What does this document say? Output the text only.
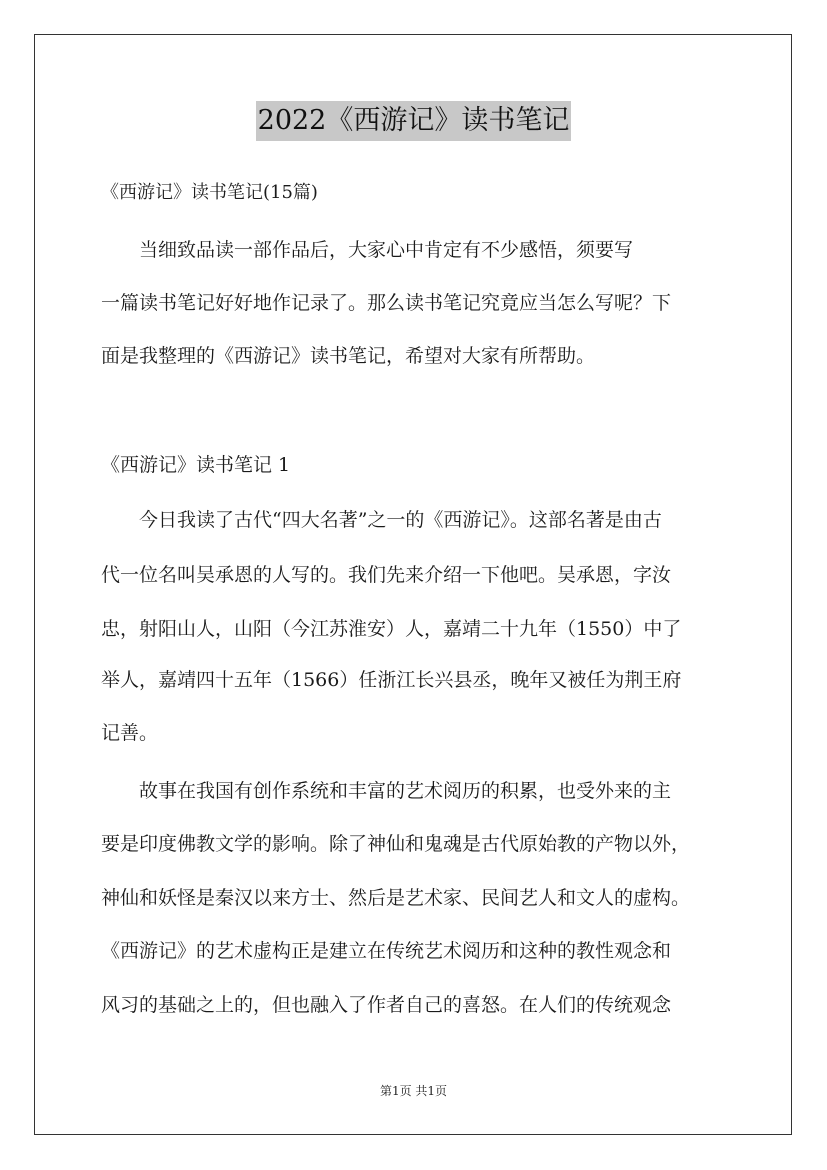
2022《西游记》读书笔记
《西游记》读书笔记(15篇)
　　当细致品读一部作品后，大家心中肯定有不少感悟，须要写
一篇读书笔记好好地作记录了。那么读书笔记究竟应当怎么写呢？下
面是我整理的《西游记》读书笔记，希望对大家有所帮助。
《西游记》读书笔记 1
　　今日我读了古代“四大名著”之一的《西游记》。这部名著是由古
代一位名叫吴承恩的人写的。我们先来介绍一下他吧。吴承恩，字汝
忠，射阳山人，山阳（今江苏淮安）人，嘉靖二十九年（1550）中了
举人，嘉靖四十五年（1566）任浙江长兴县丞，晚年又被任为荆王府
记善。
　　故事在我国有创作系统和丰富的艺术阅历的积累，也受外来的主
要是印度佛教文学的影响。除了神仙和鬼魂是古代原始教的产物以外，
神仙和妖怪是秦汉以来方士、然后是艺术家、民间艺人和文人的虚构。
《西游记》的艺术虚构正是建立在传统艺术阅历和这种的教性观念和
风习的基础之上的，但也融入了作者自己的喜怒。在人们的传统观念
第1页 共1页
